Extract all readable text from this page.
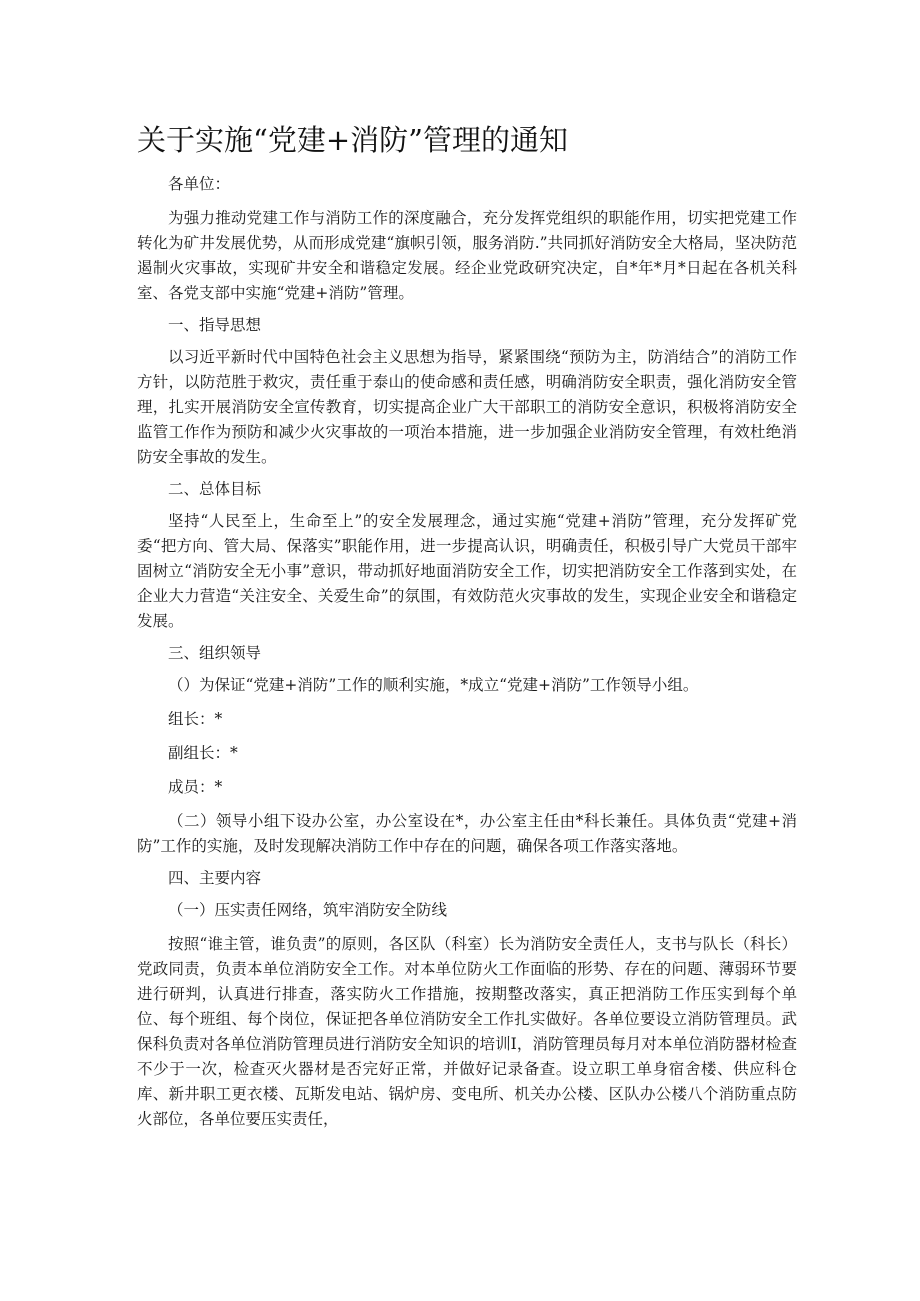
关于实施“党建+消防”管理的通知
各单位：

为强力推动党建工作与消防工作的深度融合，充分发挥党组织的职能作用，切实把党建工作转化为矿井发展优势，从而形成党建“旗帜引领，服务消防.”共同抓好消防安全大格局，坚决防范遏制火灾事故，实现矿井安全和谐稳定发展。经企业党政研究决定，自*年*月*日起在各机关科室、各党支部中实施“党建+消防”管理。

一、指导思想

以习近平新时代中国特色社会主义思想为指导，紧紧围绕“预防为主，防消结合”的消防工作方针，以防范胜于救灾，责任重于泰山的使命感和责任感，明确消防安全职责，强化消防安全管理，扎实开展消防安全宣传教育，切实提高企业广大干部职工的消防安全意识，积极将消防安全监管工作作为预防和减少火灾事故的一项治本措施，进一步加强企业消防安全管理，有效杜绝消防安全事故的发生。

二、总体目标

坚持“人民至上，生命至上”的安全发展理念，通过实施“党建+消防”管理，充分发挥矿党委“把方向、管大局、保落实”职能作用，进一步提高认识，明确责任，积极引导广大党员干部牢固树立“消防安全无小事”意识，带动抓好地面消防安全工作，切实把消防安全工作落到实处，在企业大力营造“关注安全、关爱生命”的氛围，有效防范火灾事故的发生，实现企业安全和谐稳定发展。

三、组织领导
（）为保证“党建+消防”工作的顺利实施，*成立“党建+消防”工作领导小组。
组长：*
副组长：*
成员：*

（二）领导小组下设办公室，办公室设在*，办公室主任由*科长兼任。具体负责“党建+消防”工作的实施，及时发现解决消防工作中存在的问题，确保各项工作落实落地。

四、主要内容
（一）压实责任网络，筑牢消防安全防线

按照“谁主管，谁负责”的原则，各区队（科室）长为消防安全责任人，支书与队长（科长）党政同责，负责本单位消防安全工作。对本单位防火工作面临的形势、存在的问题、薄弱环节要进行研判，认真进行排查，落实防火工作措施，按期整改落实，真正把消防工作压实到每个单位、每个班组、每个岗位，保证把各单位消防安全工作扎实做好。各单位要设立消防管理员。武保科负责对各单位消防管理员进行消防安全知识的培训I，消防管理员每月对本单位消防器材检查不少于一次，检查灭火器材是否完好正常，并做好记录备查。设立职工单身宿舍楼、供应科仓库、新井职工更衣楼、瓦斯发电站、锅炉房、变电所、机关办公楼、区队办公楼八个消防重点防火部位，各单位要压实责任，
